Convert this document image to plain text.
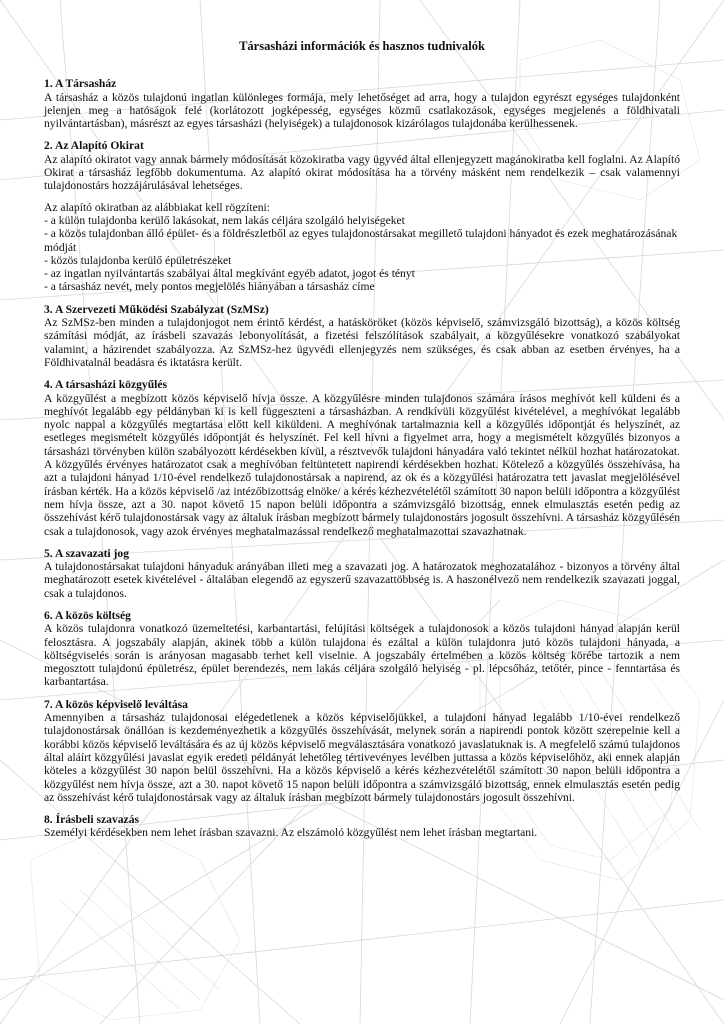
Társasházi információk és hasznos tudnivalók
1. A Társasház

A társasház a közös tulajdonú ingatlan különleges formája, mely lehetőséget ad arra, hogy a tulajdon egyrészt egységes tulajdonként jelenjen meg a hatóságok felé (korlátozott jogképesség, egységes közmű csatlakozások, egységes megjelenés a földhivatali nyilvántartásban), másrészt az egyes társasházi (helyiségek) a tulajdonosok kizárólagos tulajdonába kerülhessenek.

2. Az Alapító Okirat

Az alapító okiratot vagy annak bármely módosítását közokiratba vagy ügyvéd által ellenjegyzett magánokiratba kell foglalni. Az Alapító Okirat a társasház legfőbb dokumentuma. Az alapító okirat módosítása ha a törvény másként nem rendelkezik – csak valamennyi tulajdonostárs hozzájárulásával lehetséges.

Az alapító okiratban az alábbiakat kell rögzíteni:

- a külön tulajdonba kerülő lakásokat, nem lakás céljára szolgáló helyiségeket
- a közös tulajdonban álló épület- és a földrészletből az egyes tulajdonostársakat megillető tulajdoni hányadot és ezek meghatározásának módját
- közös tulajdonba kerülő épületrészeket
- az ingatlan nyilvántartás szabályai által megkívánt egyéb adatot, jogot és tényt
- a társasház nevét, mely pontos megjelölés hiányában a társasház címe
3. A Szervezeti Működési Szabályzat (SzMSz)

Az SzMSz-ben minden a tulajdonjogot nem érintő kérdést, a hatásköröket (közös képviselő, számvizsgáló bizottság), a közös költség számítási módját, az írásbeli szavazás lebonyolítását, a fizetési felszólítások szabályait, a közgyűlésekre vonatkozó szabályokat valamint, a házirendet szabályozza. Az SzMSz-hez ügyvédi ellenjegyzés nem szükséges, és csak abban az esetben érvényes, ha a Földhivatalnál beadásra és iktatásra került.

4. A társasházi közgyűlés

A közgyűlést a megbízott közös képviselő hívja össze. A közgyűlésre minden tulajdonos számára írásos meghívót kell küldeni és a meghívót legalább egy példányban ki is kell függeszteni a társasházban. A rendkívüli közgyűlést kivételével, a meghívókat legalább nyolc nappal a közgyűlés megtartása előtt kell kiküldeni. A meghívónak tartalmaznia kell a közgyűlés időpontját és helyszínét, az esetleges megismételt közgyűlés időpontját és helyszínét. Fel kell hívni a figyelmet arra, hogy a megismételt közgyűlés bizonyos a társasházi törvényben külön szabályozott kérdésekben kívül, a résztvevők tulajdoni hányadára való tekintet nélkül hozhat határozatokat. A közgyűlés érvényes határozatot csak a meghívóban feltüntetett napirendi kérdésekben hozhat. Kötelező a közgyűlés összehívása, ha azt a tulajdoni hányad 1/10-ével rendelkező tulajdonostársak a napirend, az ok és a közgyűlési határozatra tett javaslat megjelölésével írásban kérték. Ha a közös képviselő /az intézőbizottság elnöke/ a kérés kézhezvételétől számított 30 napon belüli időpontra a közgyűlést nem hívja össze, azt a 30. napot követő 15 napon belüli időpontra a számvizsgáló bizottság, ennek elmulasztás esetén pedig az összehívást kérő tulajdonostársak vagy az általuk írásban megbízott bármely tulajdonostárs jogosult összehívni. A társasház közgyűlésén csak a tulajdonosok, vagy azok érvényes meghatalmazással rendelkező meghatalmazottai szavazhatnak.

5. A szavazati jog

A tulajdonostársakat tulajdoni hányaduk arányában illeti meg a szavazati jog. A határozatok meghozatalához - bizonyos a törvény által meghatározott esetek kivételével - általában elegendő az egyszerű szavazattöbbség is. A haszonélvező nem rendelkezik szavazati joggal, csak a tulajdonos.

6. A közös költség

A közös tulajdonra vonatkozó üzemeltetési, karbantartási, felújítási költségek a tulajdonosok a közös tulajdoni hányad alapján kerül felosztásra. A jogszabály alapján, akinek több a külön tulajdona és ezáltal a külön tulajdonra jutó közös tulajdoni hányada, a költségviselés során is arányosan magasabb terhet kell viselnie. A jogszabály értelmében a közös költség körébe tartozik a nem megosztott tulajdonú épületrész, épület berendezés, nem lakás céljára szolgáló helyiség - pl. lépcsőház, tetőtér, pince - fenntartása és karbantartása.

7. A közös képviselő leváltása

Amennyiben a társasház tulajdonosai elégedetlenek a közös képviselőjükkel, a tulajdoni hányad legalább 1/10-évei rendelkező tulajdonostársak önállóan is kezdeményezhetik a közgyűlés összehívását, melynek során a napirendi pontok között szerepelnie kell a korábbi közös képviselő leváltására és az új közös képviselő megválasztására vonatkozó javaslatuknak is. A megfelelő számú tulajdonos által aláírt közgyűlési javaslat egyik eredeti példányát lehetőleg tértivevényes levélben juttassa a közös képviselőhöz, aki ennek alapján köteles a közgyűlést 30 napon belül összehívni. Ha a közös képviselő a kérés kézhezvételétől számított 30 napon belüli időpontra a közgyűlést nem hívja össze, azt a 30. napot követő 15 napon belüli időpontra a számvizsgáló bizottság, ennek elmulasztás esetén pedig az összehívást kérő tulajdonostársak vagy az általuk írásban megbízott bármely tulajdonostárs jogosult összehívni.

8. Írásbeli szavazás

Személyi kérdésekben nem lehet írásban szavazni. Az elszámoló közgyűlést nem lehet írásban megtartani.
